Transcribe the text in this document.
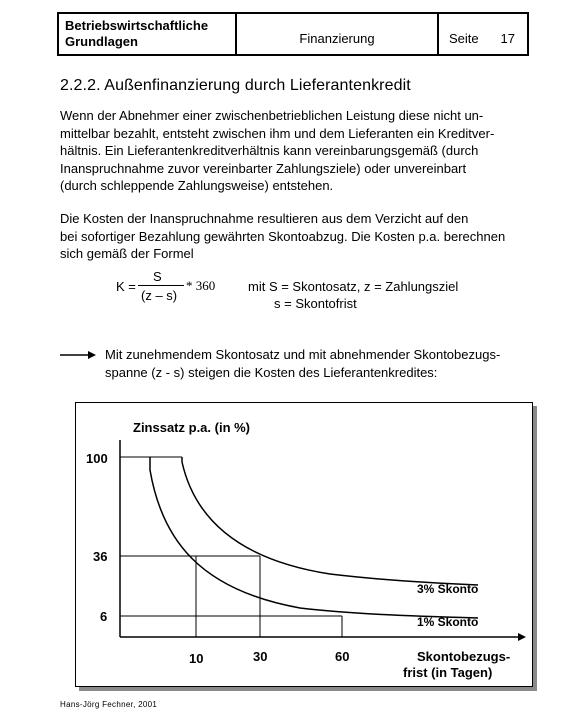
Betriebswirtschaftliche
Grundlagen	Finanzierung	Seite 17
2.2.2. Außenfinanzierung durch Lieferantenkredit
Wenn der Abnehmer einer zwischenbetrieblichen Leistung diese nicht un-
mittelbar bezahlt, entsteht zwischen ihm und dem Lieferanten ein Kreditver-
hältnis. Ein Lieferantenkreditverhältnis kann vereinbarungsgemäß (durch
Inanspruchnahme zuvor vereinbarter Zahlungsziele) oder unvereinbart
(durch schleppende Zahlungsweise) entstehen.
Die Kosten der Inanspruchnahme resultieren aus dem Verzicht auf den
bei sofortiger Bezahlung gewährten Skontoabzug. Die Kosten p.a. berechnen
sich gemäß der Formel
K =
S
(z – s)
* 360	mit S = Skontosatz, z = Zahlungsziel
s = Skontofrist
Mit zunehmendem Skontosatz und mit abnehmender Skontobezugs-
spanne (z - s) steigen die Kosten des Lieferantenkredites:
Zinssatz p.a. (in %)
100
36
6
10	30	60
3% Skonto
1% Skonto
Skontobezugs-
frist (in Tagen)
Hans-Jörg Fechner, 2001
